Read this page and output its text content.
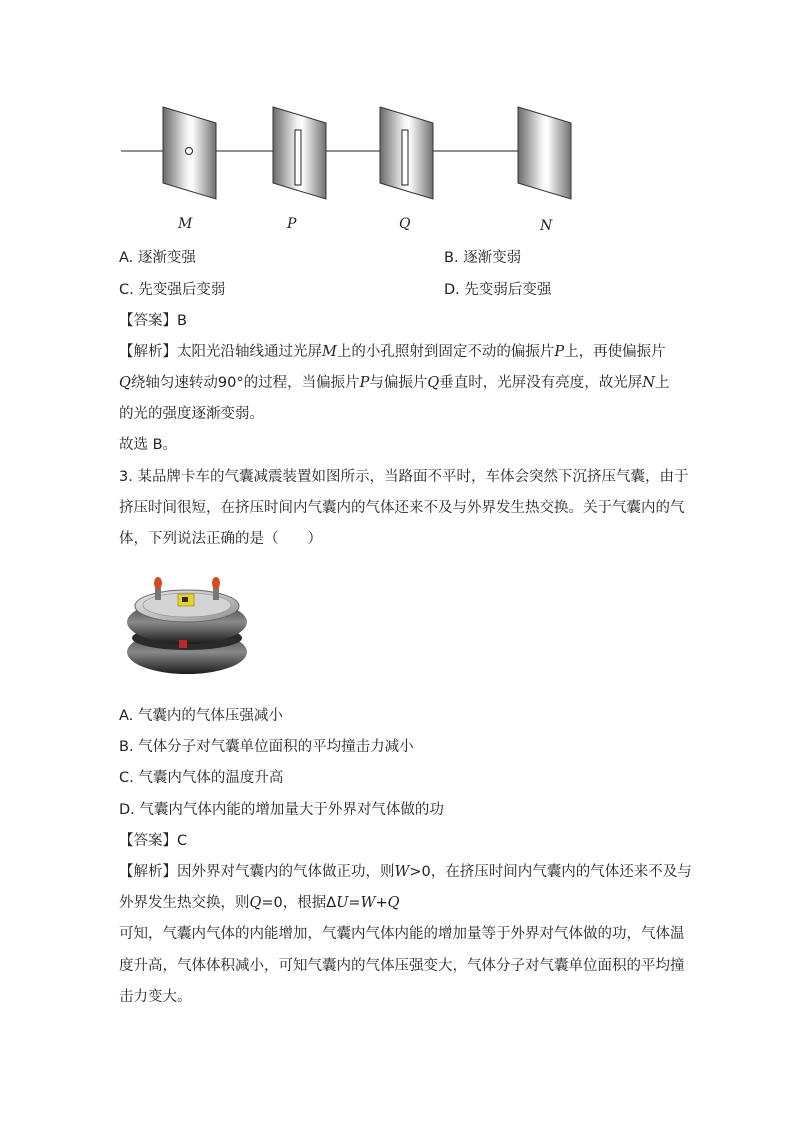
M	P	Q	N
A. 逐渐变强	B. 逐渐变弱
C. 先变强后变弱	D. 先变弱后变强
【答案】B
【解析】太阳光沿轴线通过光屏M上的小孔照射到固定不动的偏振片P上，再使偏振片
Q绕轴匀速转动90°的过程，当偏振片P与偏振片Q垂直时，光屏没有亮度，故光屏N上
的光的强度逐渐变弱。
故选 B。
3. 某品牌卡车的气囊减震装置如图所示，当路面不平时，车体会突然下沉挤压气囊，由于
挤压时间很短，在挤压时间内气囊内的气体还来不及与外界发生热交换。关于气囊内的气
体，下列说法正确的是（　　）
A. 气囊内的气体压强减小
B. 气体分子对气囊单位面积的平均撞击力减小
C. 气囊内气体的温度升高
D. 气囊内气体内能的增加量大于外界对气体做的功
【答案】C
【解析】因外界对气囊内的气体做正功，则W>0，在挤压时间内气囊内的气体还来不及与
外界发生热交换，则Q=0，根据ΔU=W+Q
可知，气囊内气体的内能增加，气囊内气体内能的增加量等于外界对气体做的功，气体温
度升高，气体体积减小，可知气囊内的气体压强变大，气体分子对气囊单位面积的平均撞
击力变大。
